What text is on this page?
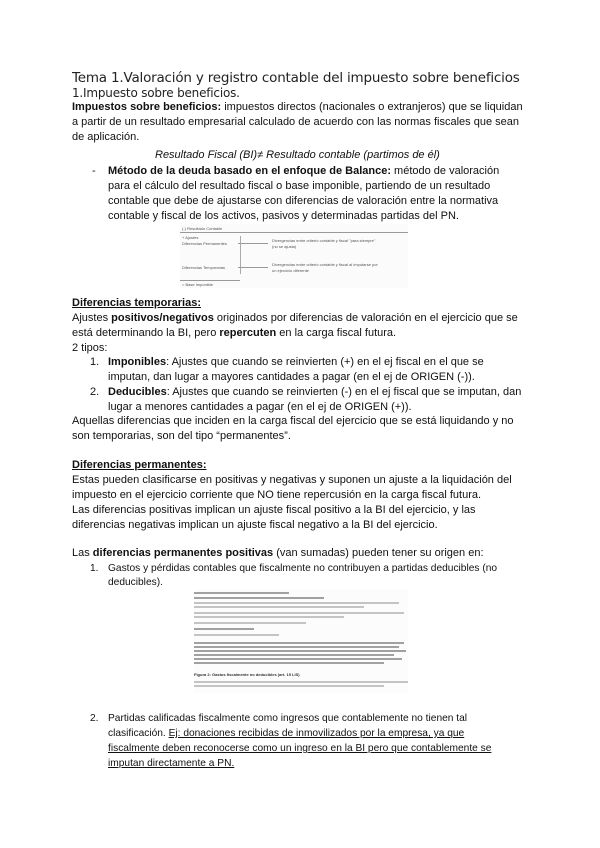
Tema 1.Valoración y registro contable del impuesto sobre beneficios
1.Impuesto sobre beneficios.
Impuestos sobre beneficios: impuestos directos (nacionales o extranjeros) que se liquidan
a partir de un resultado empresarial calculado de acuerdo con las normas fiscales que sean
de aplicación.
Resultado Fiscal (BI)≠ Resultado contable (partimos de él)
- Método de la deuda basado en el enfoque de Balance: método de valoración
para el cálculo del resultado fiscal o base imponible, partiendo de un resultado
contable que debe de ajustarse con diferencias de valoración entre la normativa
contable y fiscal de los activos, pasivos y determinadas partidas del PN.
(-) Resultado Contable
+ Ajustes
Diferencias Permanentes
Divergencias entre criterio contable y fiscal "para siempre"
(no se ajusta)
Diferencias Temporarias
Divergencias entre criterio contable y fiscal al imputarse por
un ejercicio diferente
= Base Imponible
Diferencias temporarias:
Ajustes positivos/negativos originados por diferencias de valoración en el ejercicio que se
está determinando la BI, pero repercuten en la carga fiscal futura.
2 tipos:
1. Imponibles: Ajustes que cuando se reinvierten (+) en el ej fiscal en el que se
imputan, dan lugar a mayores cantidades a pagar (en el ej de ORIGEN (-)).
2. Deducibles: Ajustes que cuando se reinvierten (-) en el ej fiscal que se imputan, dan
lugar a menores cantidades a pagar (en el ej de ORIGEN (+)).
Aquellas diferencias que inciden en la carga fiscal del ejercicio que se está liquidando y no
son temporarias, son del tipo “permanentes”.
Diferencias permanentes:
Estas pueden clasificarse en positivas y negativas y suponen un ajuste a la liquidación del
impuesto en el ejercicio corriente que NO tiene repercusión en la carga fiscal futura.
Las diferencias positivas implican un ajuste fiscal positivo a la BI del ejercicio, y las
diferencias negativas implican un ajuste fiscal negativo a la BI del ejercicio.
Las diferencias permanentes positivas (van sumadas) pueden tener su origen en:
1. Gastos y pérdidas contables que fiscalmente no contribuyen a partidas deducibles (no
deducibles).
Figura 2: Gastos fiscalmente no deducibles (art. 15 LIS)
2. Partidas calificadas fiscalmente como ingresos que contablemente no tienen tal
clasificación. Ej: donaciones recibidas de inmovilizados por la empresa, ya que
fiscalmente deben reconocerse como un ingreso en la BI pero que contablemente se
imputan directamente a PN.
